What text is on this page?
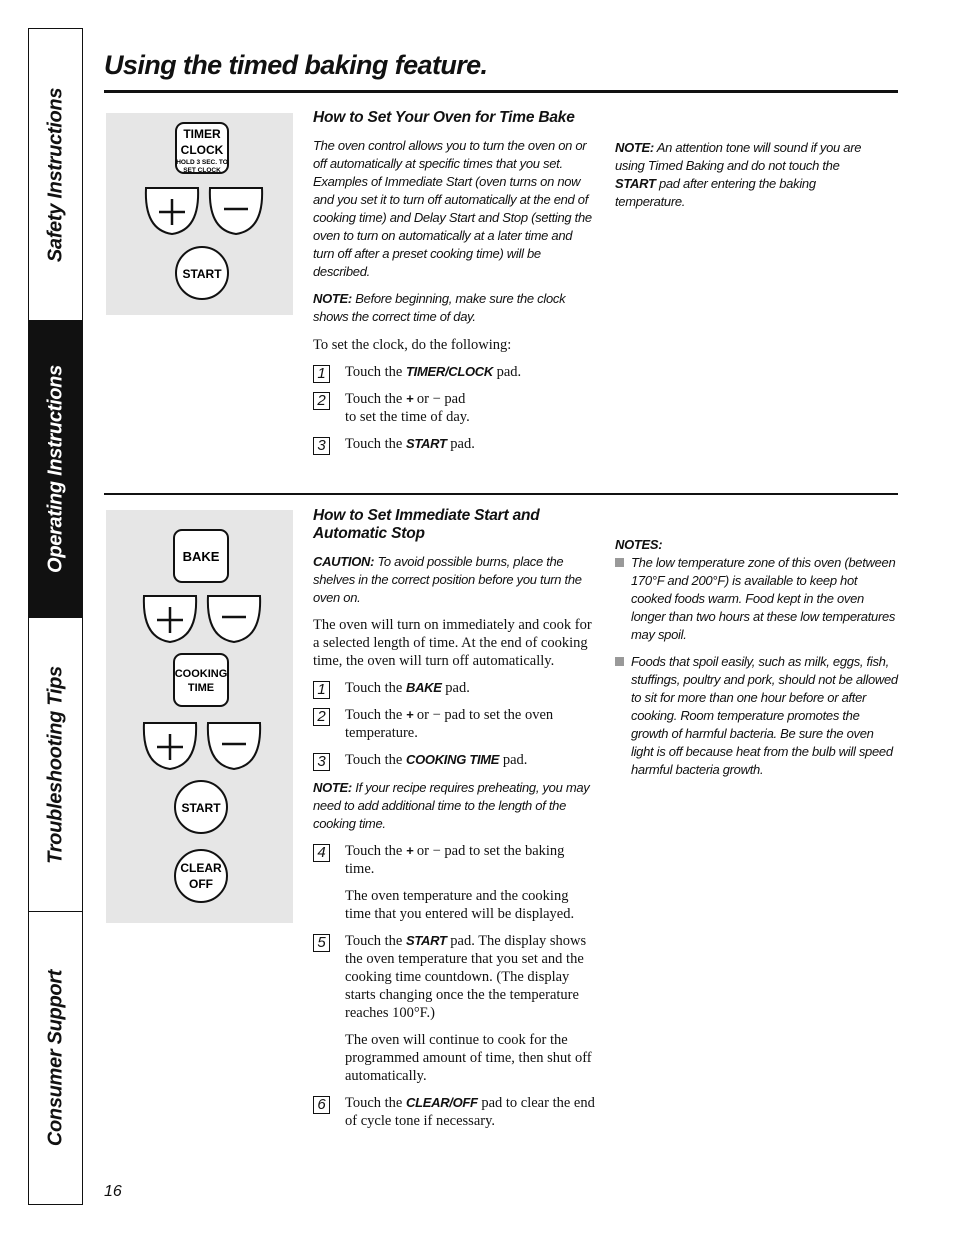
Safety Instructions
Operating Instructions
Troubleshooting Tips
Consumer Support
Using the timed baking feature.
TIMER
CLOCK
HOLD 3 SEC. TO
SET CLOCK
START
How to Set Your Oven for Time Bake

The oven control allows you to turn the oven on or off automatically at specific times that you set. Examples of Immediate Start (oven turns on now and you set it to turn off automatically at the end of cooking time) and Delay Start and Stop (setting the oven to turn on automatically at a later time and turn off after a preset cooking time) will be described.

NOTE: Before beginning, make sure the clock shows the correct time of day.

To set the clock, do the following:

1 Touch the TIMER/CLOCK pad.

2 Touch the + or − pad
to set the time of day.

3 Touch the START pad.

NOTE: An attention tone will sound if you are using Timed Baking and do not touch the START pad after entering the baking temperature.

BAKE
COOKING
TIME
START
CLEAR
OFF
How to Set Immediate Start and Automatic Stop

CAUTION: To avoid possible burns, place the shelves in the correct position before you turn the oven on.

The oven will turn on immediately and cook for a selected length of time. At the end of cooking time, the oven will turn off automatically.

1 Touch the BAKE pad.

2 Touch the + or − pad to set the oven temperature.

3 Touch the COOKING TIME pad.

NOTE: If your recipe requires preheating, you may need to add additional time to the length of the cooking time.

4 Touch the + or − pad to set the baking time.

The oven temperature and the cooking time that you entered will be displayed.

5 Touch the START pad. The display shows the oven temperature that you set and the cooking time countdown. (The display starts changing once the the temperature reaches 100°F.)

The oven will continue to cook for the programmed amount of time, then shut off automatically.

6 Touch the CLEAR/OFF pad to clear the end of cycle tone if necessary.

NOTES:

The low temperature zone of this oven (between 170°F and 200°F) is available to keep hot cooked foods warm. Food kept in the oven longer than two hours at these low temperatures may spoil.

Foods that spoil easily, such as milk, eggs, fish, stuffings, poultry and pork, should not be allowed to sit for more than one hour before or after cooking. Room temperature promotes the growth of harmful bacteria. Be sure the oven light is off because heat from the bulb will speed harmful bacteria growth.

16
